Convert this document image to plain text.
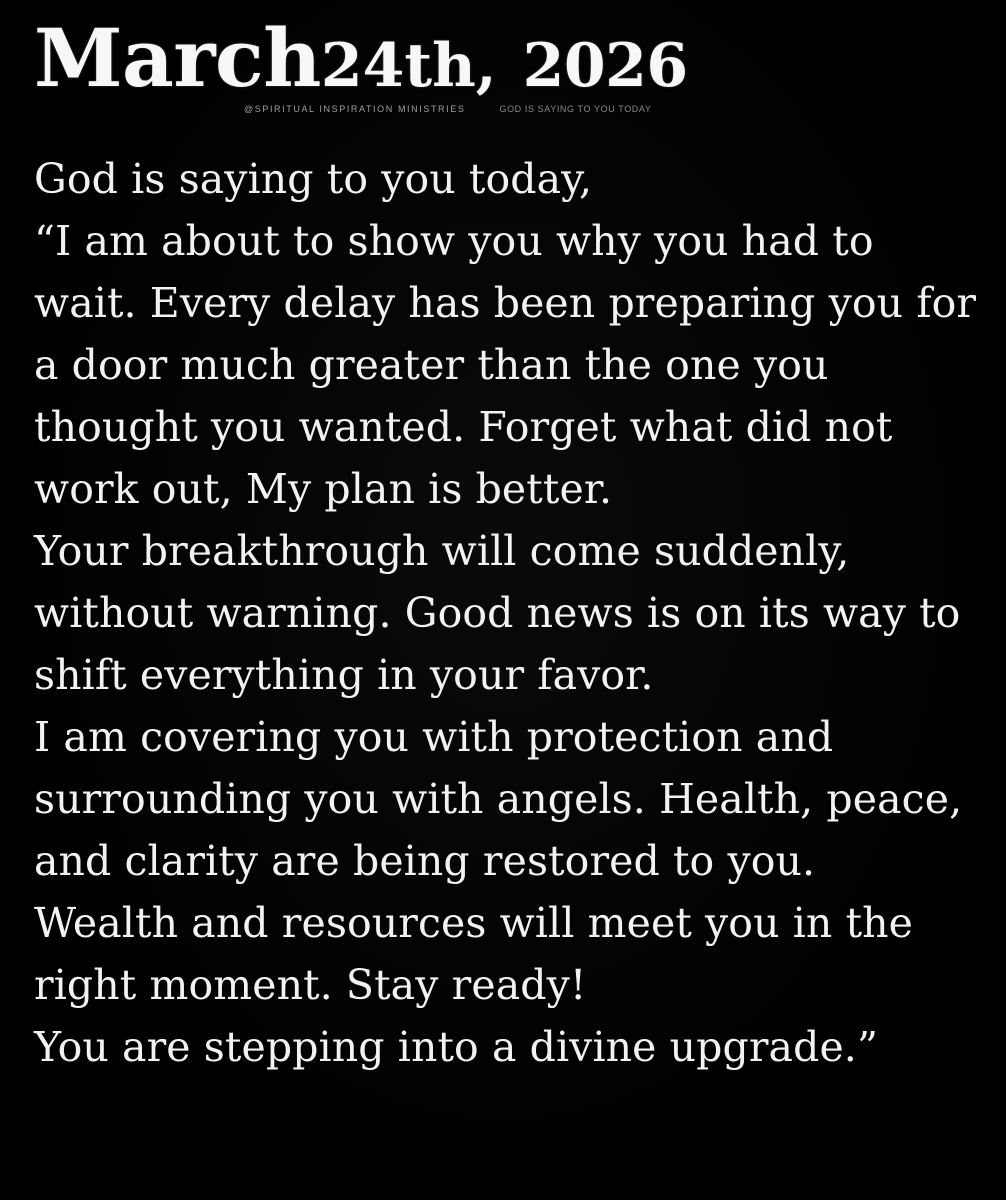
March24th, 2026
@SPIRITUAL INSPIRATION MINISTRIES	GOD IS SAYING TO YOU TODAY

God is saying to you today,

“I am about to show you why you had to wait. Every delay has been preparing you for a door much greater than the one you thought you wanted. Forget what did not work out, My plan is better.

Your breakthrough will come suddenly, without warning. Good news is on its way to shift everything in your favor.

I am covering you with protection and surrounding you with angels. Health, peace, and clarity are being restored to you.

Wealth and resources will meet you in the right moment. Stay ready!

You are stepping into a divine upgrade.”
